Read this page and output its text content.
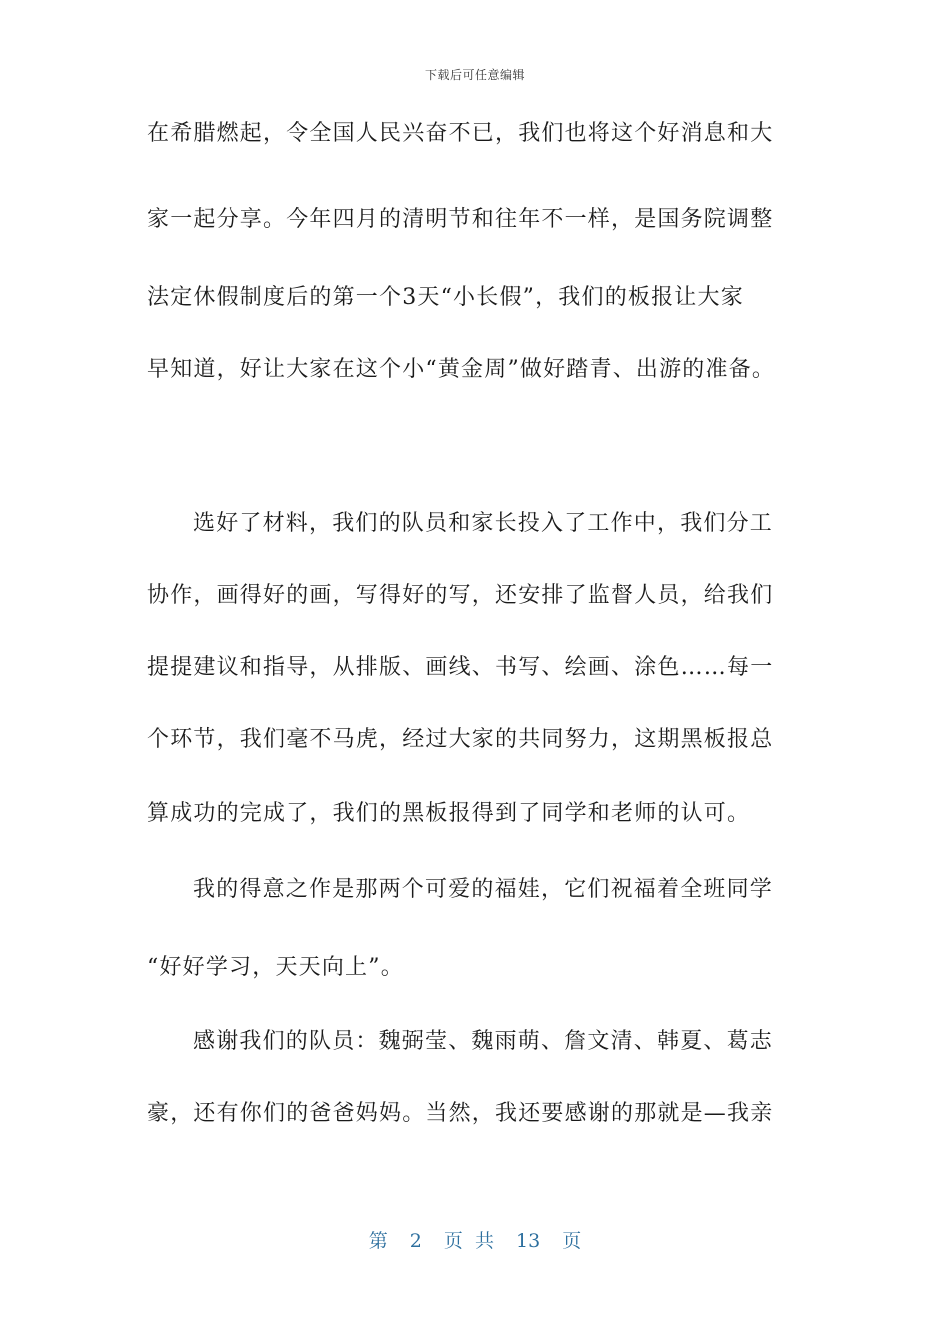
下载后可任意编辑
在希腊燃起，令全国人民兴奋不已，我们也将这个好消息和大
家一起分享。今年四月的清明节和往年不一样，是国务院调整
法定休假制度后的第一个3天“小长假”，我们的板报让大家
早知道，好让大家在这个小“黄金周”做好踏青、出游的准备。
选好了材料，我们的队员和家长投入了工作中，我们分工
协作，画得好的画，写得好的写，还安排了监督人员，给我们
提提建议和指导，从排版、画线、书写、绘画、涂色……每一
个环节，我们毫不马虎，经过大家的共同努力，这期黑板报总
算成功的完成了，我们的黑板报得到了同学和老师的认可。
我的得意之作是那两个可爱的福娃，它们祝福着全班同学
“好好学习，天天向上”。
感谢我们的队员：魏弼莹、魏雨萌、詹文清、韩夏、葛志
豪，还有你们的爸爸妈妈。当然，我还要感谢的那就是—我亲
第 2 页 共 13 页
